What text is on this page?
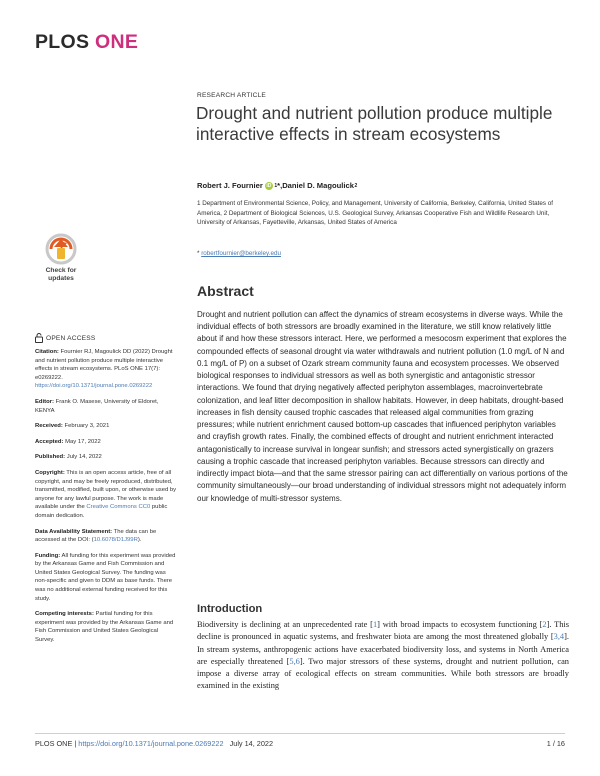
PLOS ONE
RESEARCH ARTICLE
Drought and nutrient pollution produce multiple interactive effects in stream ecosystems
Robert J. Fournier iD 1 * , Daniel D. Magoulick 2
1 Department of Environmental Science, Policy, and Management, University of California, Berkeley, California, United States of America, 2 Department of Biological Sciences, U.S. Geological Survey, Arkansas Cooperative Fish and Wildlife Research Unit, University of Arkansas, Fayetteville, Arkansas, United States of America
* robertfournier@berkeley.edu
Check for
updates
OPEN ACCESS
Citation: Fournier RJ, Magoulick DD (2022) Drought and nutrient pollution produce multiple interactive effects in stream ecosystems. PLoS ONE 17(7): e0269222. https://doi.org/10.1371/journal.pone.0269222
Editor: Frank O. Masese, University of Eldoret, KENYA
Received: February 3, 2021
Accepted: May 17, 2022
Published: July 14, 2022
Copyright: This is an open access article, free of all copyright, and may be freely reproduced, distributed, transmitted, modified, built upon, or otherwise used by anyone for any lawful purpose. The work is made available under the Creative Commons CC0 public domain dedication.
Data Availability Statement: The data can be accessed at the DOI: (10.6078/D1J99R).
Funding: All funding for this experiment was provided by the Arkansas Game and Fish Commission and United States Geological Survey. The funding was non-specific and given to DDM as base funds. There was no additional external funding received for this study.
Competing interests: Partial funding for this experiment was provided by the Arkansas Game and Fish Commission and United States Geological Survey.
Abstract

Drought and nutrient pollution can affect the dynamics of stream ecosystems in diverse ways. While the individual effects of both stressors are broadly examined in the literature, we still know relatively little about if and how these stressors interact. Here, we performed a mesocosm experiment that explores the compounded effects of seasonal drought via water withdrawals and nutrient pollution (1.0 mg/L of N and 0.1 mg/L of P) on a subset of Ozark stream community fauna and ecosystem processes. We observed biological responses to individual stressors as well as both synergistic and antagonistic stressor interactions. We found that drying negatively affected periphyton assemblages, macroinvertebrate colonization, and leaf litter decomposition in shallow habitats. However, in deep habitats, drought-based increases in fish density caused trophic cascades that released algal communities from grazing pressures; while nutrient enrichment caused bottom-up cascades that influenced periphyton variables and crayfish growth rates. Finally, the combined effects of drought and nutrient enrichment interacted antagonistically to increase survival in longear sunfish; and stressors acted synergistically on grazers causing a trophic cascade that increased periphyton variables. Because stressors can directly and indirectly impact biota—and that the same stressor pairing can act differentially on various portions of the community simultaneously—our broad understanding of individual stressors might not adequately inform our knowledge of multi-stressor systems.

Introduction

Biodiversity is declining at an unprecedented rate [1] with broad impacts to ecosystem functioning [2]. This decline is pronounced in aquatic systems, and freshwater biota are among the most threatened globally [3,4]. In stream systems, anthropogenic actions have exacerbated biodiversity loss, and systems in North America are especially threatened [5,6]. Two major stressors of these systems, drought and nutrient pollution, can impose a diverse array of ecological effects on stream communities. While both stressors are broadly examined in the existing

PLOS ONE | https://doi.org/10.1371/journal.pone.0269222 July 14, 2022	1 / 16
